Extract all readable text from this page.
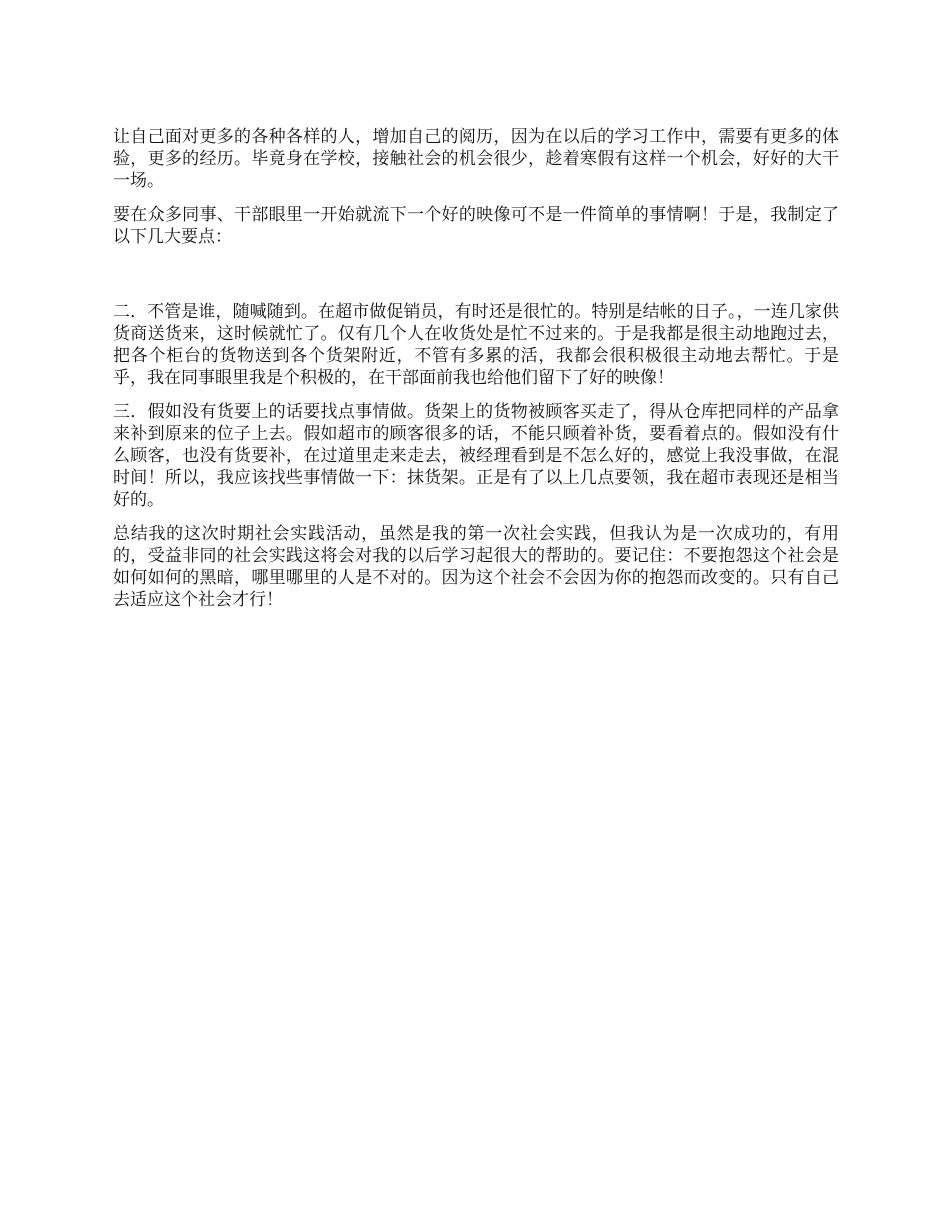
让自己面对更多的各种各样的人，增加自己的阅历，因为在以后的学习工作中，需要有更多的体验，更多的经历。毕竟身在学校，接触社会的机会很少，趁着寒假有这样一个机会，好好的大干一场。

要在众多同事、干部眼里一开始就流下一个好的映像可不是一件简单的事情啊！于是，我制定了以下几大要点：

二．不管是谁，随喊随到。在超市做促销员，有时还是很忙的。特别是结帐的日子。，一连几家供货商送货来，这时候就忙了。仅有几个人在收货处是忙不过来的。于是我都是很主动地跑过去，把各个柜台的货物送到各个货架附近，不管有多累的活，我都会很积极很主动地去帮忙。于是乎，我在同事眼里我是个积极的，在干部面前我也给他们留下了好的映像！

三．假如没有货要上的话要找点事情做。货架上的货物被顾客买走了，得从仓库把同样的产品拿来补到原来的位子上去。假如超市的顾客很多的话，不能只顾着补货，要看着点的。假如没有什么顾客，也没有货要补，在过道里走来走去，被经理看到是不怎么好的，感觉上我没事做，在混时间！所以，我应该找些事情做一下：抹货架。正是有了以上几点要领，我在超市表现还是相当好的。

总结我的这次时期社会实践活动，虽然是我的第一次社会实践，但我认为是一次成功的，有用的，受益非同的社会实践这将会对我的以后学习起很大的帮助的。要记住：不要抱怨这个社会是如何如何的黑暗，哪里哪里的人是不对的。因为这个社会不会因为你的抱怨而改变的。只有自己去适应这个社会才行！
